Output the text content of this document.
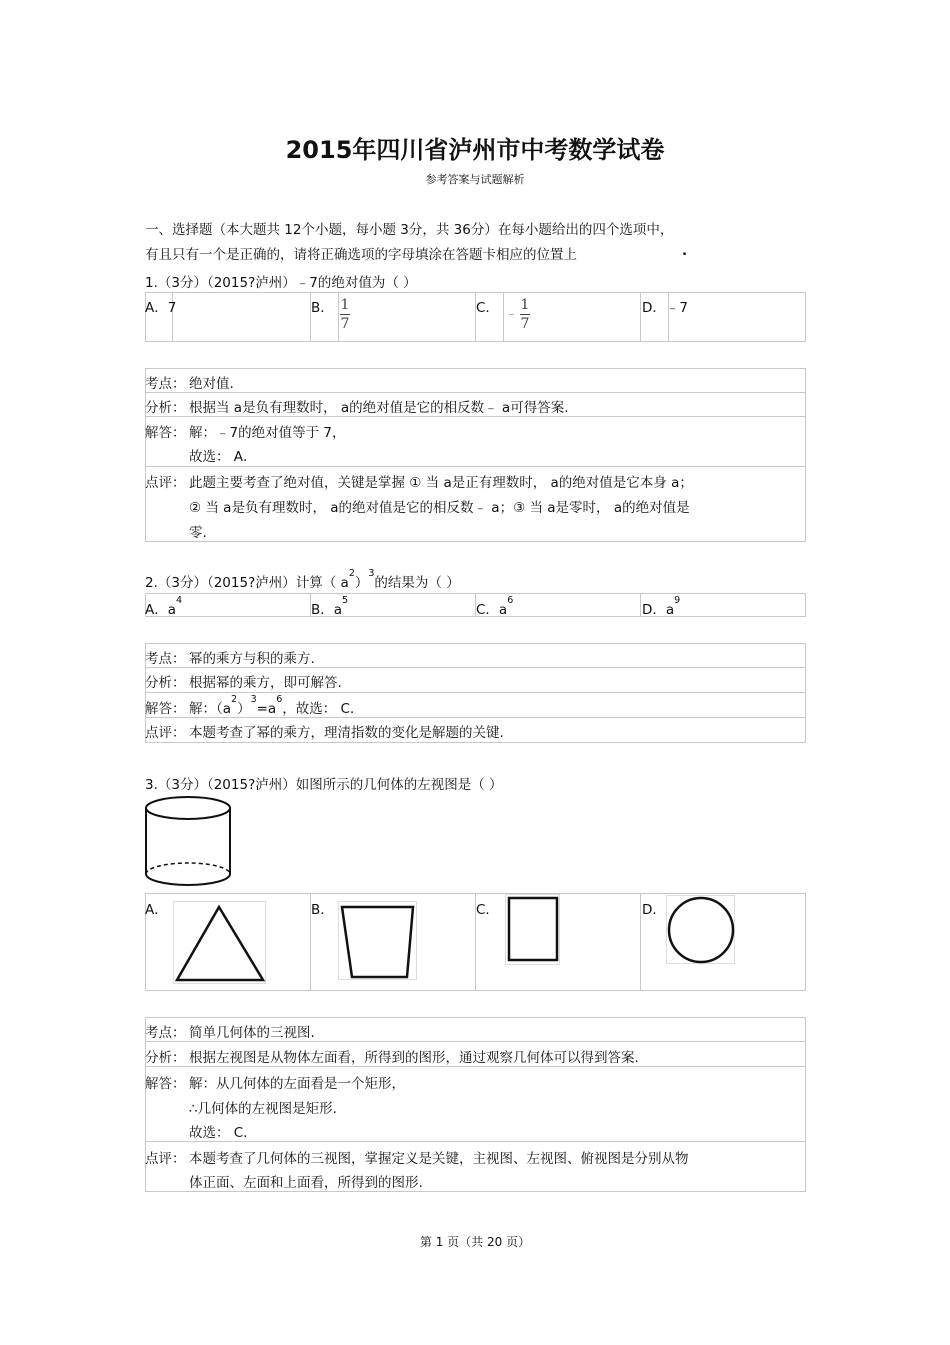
2015年四川省泸州市中考数学试卷
参考答案与试题解析
一、选择题（本大题共 12个小题，每小题 3分，共 36分）在每小题给出的四个选项中，
有且只有一个是正确的，请将正确选项的字母填涂在答题卡相应的位置上	.
1.（3分）（2015?泸州）﹣7的绝对值为（ ）
A．7	B． $\frac{1}{7}$	C． ﹣ $\frac{1}{7}$	D．﹣7
考点： 绝对值.
分析： 根据当 a是负有理数时， a的绝对值是它的相反数﹣ a可得答案.
解答： 解：﹣7的绝对值等于 7，
故选： A．
点评： 此题主要考查了绝对值，关键是掌握 ① 当 a是正有理数时， a的绝对值是它本身 a；
② 当 a是负有理数时， a的绝对值是它的相反数﹣ a；③ 当 a是零时， a的绝对值是
零.
2.（3分）（2015?泸州）计算（ $a^2)^3$的结果为（ ）
A．$a^4$
B．$a^5$
C．$a^6$
D．$a^9$
考点： 幂的乘方与积的乘方.
分析： 根据幂的乘方，即可解答.
解答： 解：$(a^2)^3=a^6$，故选： C．
点评： 本题考查了幂的乘方，理清指数的变化是解题的关键.
3.（3分）（2015?泸州）如图所示的几何体的左视图是（ ）
A．	B．	C．	D．
考点： 简单几何体的三视图.
分析： 根据左视图是从物体左面看，所得到的图形，通过观察几何体可以得到答案.
解答： 解：从几何体的左面看是一个矩形，
∴几何体的左视图是矩形.
故选： C．
点评： 本题考查了几何体的三视图，掌握定义是关键，主视图、左视图、俯视图是分别从物
体正面、左面和上面看，所得到的图形.
第 1 页（共 20 页）
